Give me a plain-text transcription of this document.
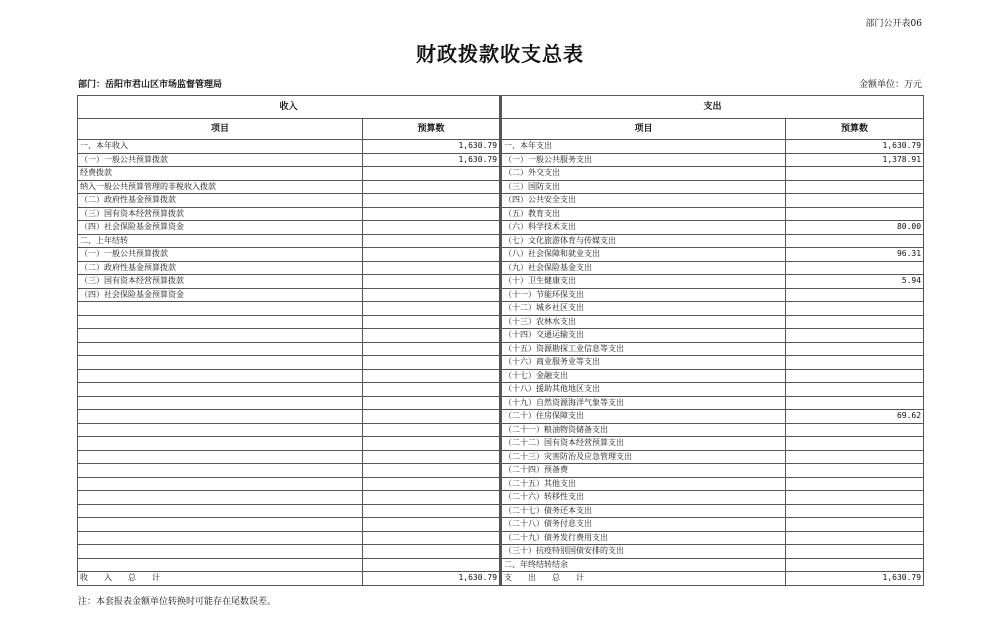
部门公开表06
财政拨款收支总表
部门：岳阳市君山区市场监督管理局	金额单位：万元
收入		支出	
项目	预算数	项目	预算数
一、本年收入	1,630.79	一、本年支出	1,630.79
（一）一般公共预算拨款	1,630.79	（一）一般公共服务支出	1,378.91
经费拨款		（二）外交支出	
纳入一般公共预算管理的非税收入拨款		（三）国防支出	
（二）政府性基金预算拨款		（四）公共安全支出	
（三）国有资本经营预算拨款		（五）教育支出	
（四）社会保险基金预算资金		（六）科学技术支出	80.00
二、上年结转		（七）文化旅游体育与传媒支出	
（一）一般公共预算拨款		（八）社会保障和就业支出	96.31
（二）政府性基金预算拨款		（九）社会保险基金支出	
（三）国有资本经营预算拨款		（十）卫生健康支出	5.94
（四）社会保险基金预算资金		（十一）节能环保支出	
		（十二）城乡社区支出	
		（十三）农林水支出	
		（十四）交通运输支出	
		（十五）资源勘探工业信息等支出	
		（十六）商业服务业等支出	
		（十七）金融支出	
		（十八）援助其他地区支出	
		（十九）自然资源海洋气象等支出	
		（二十）住房保障支出	69.62
		（二十一）粮油物资储备支出	
		（二十二）国有资本经营预算支出	
		（二十三）灾害防治及应急管理支出	
		（二十四）预备费	
		（二十五）其他支出	
		（二十六）转移性支出	
		（二十七）债务还本支出	
		（二十八）债务付息支出	
		（二十九）债务发行费用支出	
		（三十）抗疫特别国债安排的支出	
		二、年终结转结余	
收　　入　　总　　计	1,630.79	支　　出　　总　　计	1,630.79
注：本套报表金额单位转换时可能存在尾数误差。
